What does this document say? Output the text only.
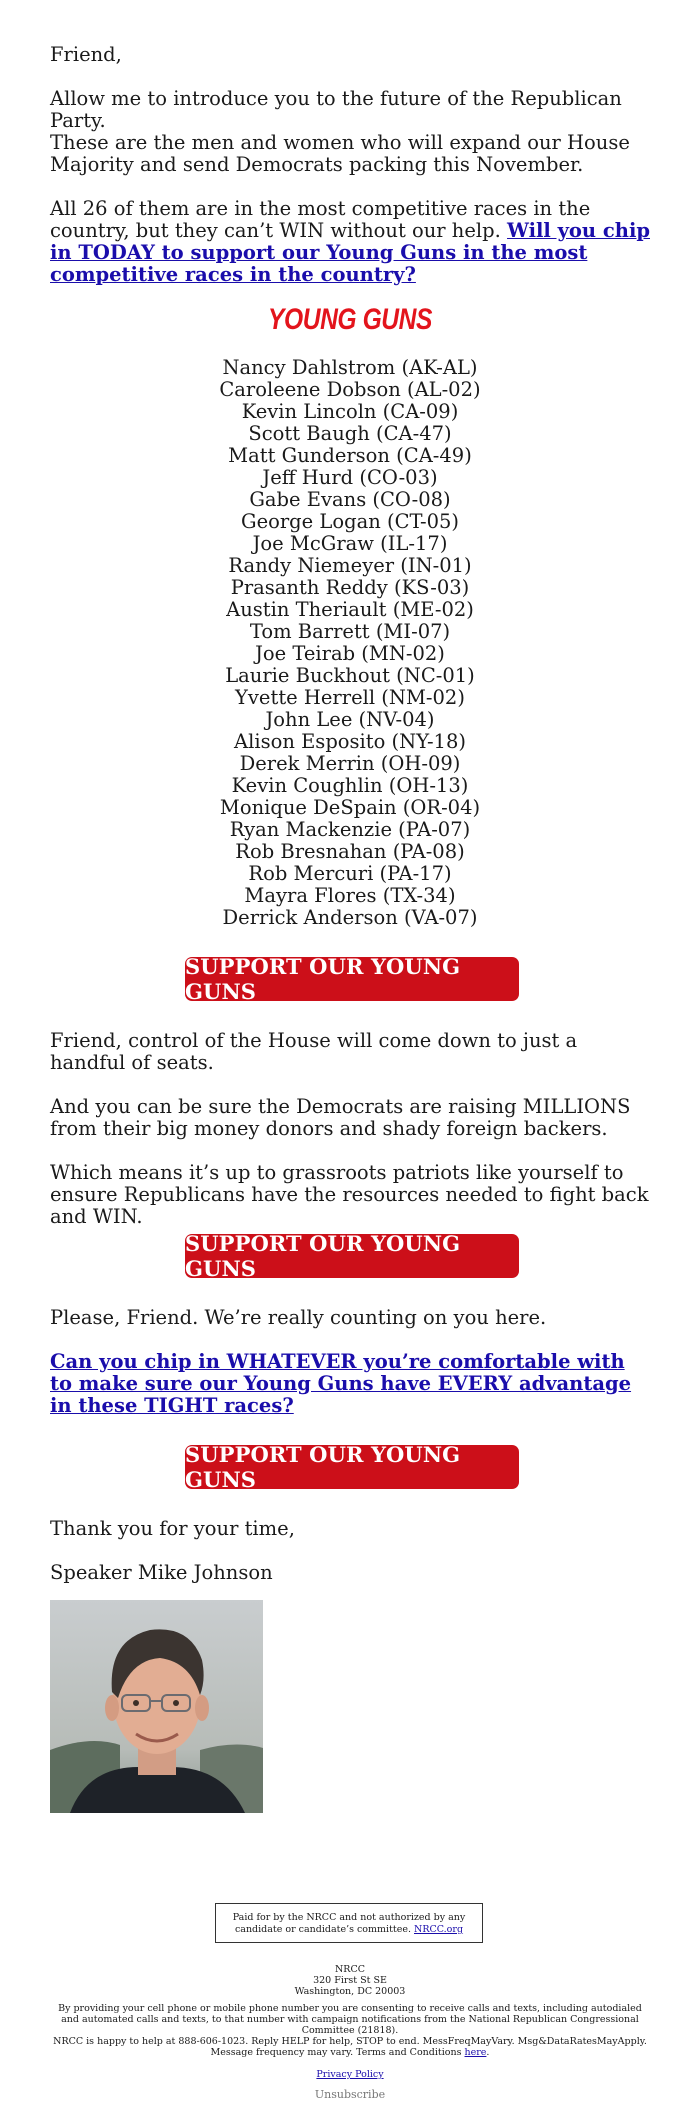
Friend,

Allow me to introduce you to the future of the Republican Party.

These are the men and women who will expand our House Majority and send Democrats packing this November.

All 26 of them are in the most competitive races in the country, but they can’t WIN without our help. Will you chip in TODAY to support our Young Guns in the most competitive races in the country?

YOUNG GUNS
Nancy Dahlstrom (AK-AL)
Caroleene Dobson (AL-02)
Kevin Lincoln (CA-09)
Scott Baugh (CA-47)
Matt Gunderson (CA-49)
Jeff Hurd (CO-03)
Gabe Evans (CO-08)
George Logan (CT-05)
Joe McGraw (IL-17)
Randy Niemeyer (IN-01)
Prasanth Reddy (KS-03)
Austin Theriault (ME-02)
Tom Barrett (MI-07)
Joe Teirab (MN-02)
Laurie Buckhout (NC-01)
Yvette Herrell (NM-02)
John Lee (NV-04)
Alison Esposito (NY-18)
Derek Merrin (OH-09)
Kevin Coughlin (OH-13)
Monique DeSpain (OR-04)
Ryan Mackenzie (PA-07)
Rob Bresnahan (PA-08)
Rob Mercuri (PA-17)
Mayra Flores (TX-34)
Derrick Anderson (VA-07)
SUPPORT OUR YOUNG GUNS

Friend, control of the House will come down to just a handful of seats.

And you can be sure the Democrats are raising MILLIONS from their big money donors and shady foreign backers.

Which means it’s up to grassroots patriots like yourself to ensure Republicans have the resources needed to fight back and WIN.

SUPPORT OUR YOUNG GUNS

Please, Friend. We’re really counting on you here.

Can you chip in WHATEVER you’re comfortable with to make sure our Young Guns have EVERY advantage in these TIGHT races?

SUPPORT OUR YOUNG GUNS

Thank you for your time,

Speaker Mike Johnson

Paid for by the NRCC and not authorized by any candidate or candidate’s committee. NRCC.org
NRCC
320 First St SE
Washington, DC 20003
By providing your cell phone or mobile phone number you are consenting to receive calls and texts, including autodialed and automated calls and texts, to that number with campaign notifications from the National Republican Congressional Committee (21818).
NRCC is happy to help at 888-606-1023. Reply HELP for help, STOP to end. MessFreqMayVary. Msg&DataRatesMayApply. Message frequency may vary. Terms and Conditions here.
Privacy Policy
Unsubscribe
